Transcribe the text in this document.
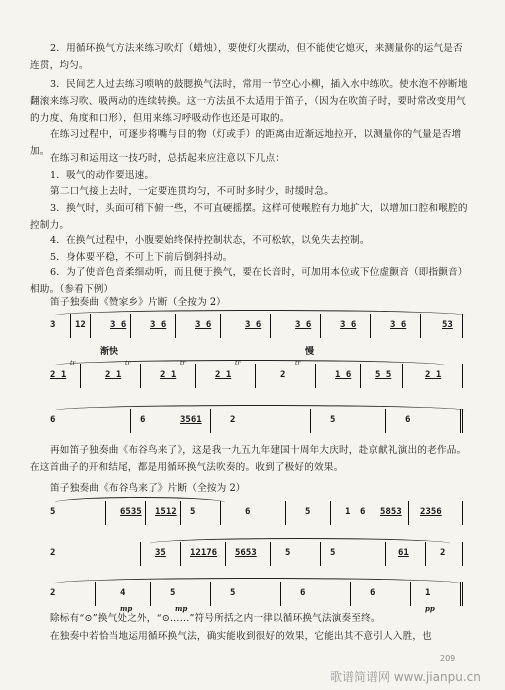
2．用循环换气方法来练习吹灯（蜡烛），要使灯火摆动，但不能使它熄灭，来测量你的运气是否连贯，均匀。
3．民间艺人过去练习唢呐的鼓腮换气法时，常用一节空心小柳，插入水中练吹。使水泡不停断地翻滚来练习吹、吸两动的连续转换。这一方法虽不太适用于笛子，（因为在吹笛子时，要时常改变用气的力度、角度和口形），但用来练习呼吸动作也还是可取的。
在练习过程中，可逐步将嘴与目的物（灯或手）的距离由近渐远地拉开，以测量你的气量是否增加。
在练习和运用这一技巧时，总括起来应注意以下几点：
1．吸气的动作要迅速。
第二口气接上去时，一定要连贯均匀，不可时多时少，时缓时急。
3．换气时，头面可稍下俯一些，不可直硬摇摆。这样可使喉腔有力地扩大，以增加口腔和喉腔的控制力。
4．在换气过程中，小腹要始终保持控制状态，不可松软，以免失去控制。
5．身体要平稳，不可上下前后倒斜抖动。
6．为了使音色音柔细动听，而且便于换气，要在长音时，可加用本位或下位虚颤音（即指颤音）相助。（参看下例）
笛子独奏曲《赞家乡》片断（全按为 2）
3 12	3 6	3 6	3 6	3 6	3 6	3 6	3 6	53
渐快	慢
tr
2 1
tr
2 1
tr
2 1
tr
2 1
tr
2	1 6	5 5	2 1
6	6	3561	2	5	6
再如笛子独奏曲《布谷鸟来了》，这是我一九五九年建国十周年大庆时，赴京献礼演出的老作品。在这首曲子的开和结尾，都是用循环换气法吹奏的。收到了极好的效果。
笛子独奏曲《布谷鸟来了》片断（全按为 2）
5	6535 1512 5	6	5	1 6 5853 2356
2	35	12176 5653	5	5	61	2
2	4	5	5	6	6	1
mp	mp	pp
除标有“⊙”换气处之外，“⊙……”符号所括之内一律以循环换气法演奏至终。
在独奏中若恰当地运用循环换气法，确实能收到很好的效果，它能出其不意引人入胜，也
209
歌谱简谱网 www.jianpu.cn
